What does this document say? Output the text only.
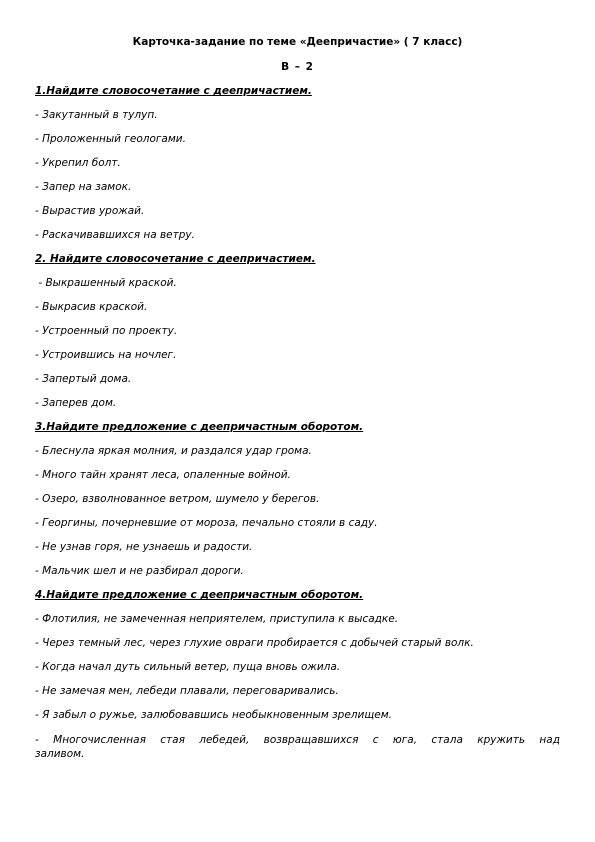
Карточка-задание по теме «Деепричастие» ( 7 класс)
В – 2
1.Найдите словосочетание с деепричастием.
- Закутанный в тулуп.
- Проложенный геологами.
- Укрепил болт.
- Запер на замок.
- Вырастив урожай.
- Раскачивавшихся на ветру.
2. Найдите словосочетание с деепричастием.
- Выкрашенный краской.
- Выкрасив краской.
- Устроенный по проекту.
- Устроившись на ночлег.
- Запертый дома.
- Заперев дом.
3.Найдите предложение с деепричастным оборотом.
- Блеснула яркая молния, и раздался удар грома.
- Много тайн хранят леса, опаленные войной.
- Озеро, взволнованное ветром, шумело у берегов.
- Георгины, почерневшие от мороза, печально стояли в саду.
- Не узнав горя, не узнаешь и радости.
- Мальчик шел и не разбирал дороги.
4.Найдите предложение с деепричастным оборотом.
- Флотилия, не замеченная неприятелем, приступила к высадке.
- Через темный лес, через глухие овраги пробирается с добычей старый волк.
- Когда начал дуть сильный ветер, пуща вновь ожила.
- Не замечая мен, лебеди плавали, переговаривались.
- Я забыл о ружье, залюбовавшись необыкновенным зрелищем.
- Многочисленная стая лебедей, возвращавшихся с юга, стала кружить над заливом.
